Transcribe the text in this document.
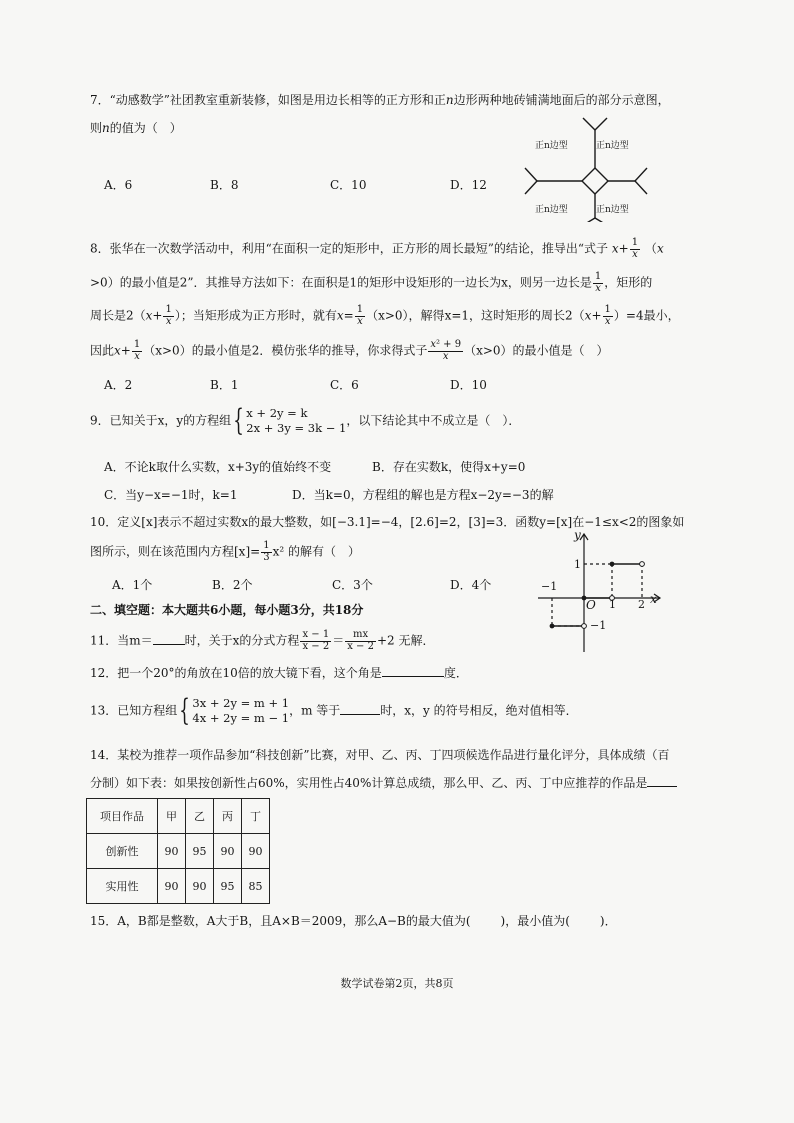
7．“动感数学”社团教室重新装修，如图是用边长相等的正方形和正n边形两种地砖铺满地面后的部分示意图，
则n的值为（　）
A．6	B．8	C．10	D．12
正n边型	正n边型
正n边型	正n边型
8．张华在一次数学活动中，利用“在面积一定的矩形中，正方形的周长最短”的结论，推导出“式子 $x+ \frac{1}{x} (x$
>0）的最小值是2”．其推导方法如下：在面积是1的矩形中设矩形的一边长为x，则另一边长是 $\frac{1}{x}$ ，矩形的
周长是$2(x+ \frac{1}{x}$ ）；当矩形成为正方形时，就有$x= \frac{1}{x} (x>0)$，解得x=1，这时矩形的周长$2(x+ \frac{1}{x} )=4$最小，
因此$x+ \frac{1}{x} (x>0)$的最小值是2．模仿张华的推导，你求得式子 $\frac{\text{x² + 9}}{x} (x>0)$的最小值是（　）
A．2	B．1	C．6	D．10
9．已知关于x，y的方程组{ x + 2y = k
2x + 3y = 3k − 1，以下结论其中不成立是（　）．
A．不论k取什么实数，x+3y的值始终不变	B．存在实数k，使得x+y=0
C．当y−x=−1时，k=1	D．当k=0，方程组的解也是方程x−2y=−3的解
10．定义[x]表示不超过实数x的最大整数，如[−3.1]=−4，[2.6]=2，[3]=3．函数y=[x]在−1≤x<2的图象如
图所示，则在该范围内方程$[x]= \frac{1}{3} x^2$ 的解有（　）
A．1个	B．2个	C．3个	D．4个
y
x
O
−1
1 2
1
−1
二、填空题：本大题共6小题，每小题3分，共18分
11．当m＝	时，关于x的分式方程 $\frac{x - 1}{x - 2} = \frac{mx}{x - 2} +2$ 无解．
12．把一个20°的角放在10倍的放大镜下看，这个角是	度．
13．已知方程组{ 3x + 2y = m + 1
4x + 2y = m − 1，m 等于	时，x，y 的符号相反，绝对值相等．
14．某校为推荐一项作品参加“科技创新”比赛，对甲、乙、丙、丁四项候选作品进行量化评分，具体成绩（百
分制）如下表：如果按创新性占60%，实用性占40%计算总成绩，那么甲、乙、丙、丁中应推荐的作品是
项目作品	甲	乙	丙	丁
创新性	90	95	90	90
实用性	90	90	95	85
15．A，B都是整数，A大于B，且A×B＝2009，那么A−B的最大值为(	)，最小值为(	)．
数学试卷第2页，共8页
